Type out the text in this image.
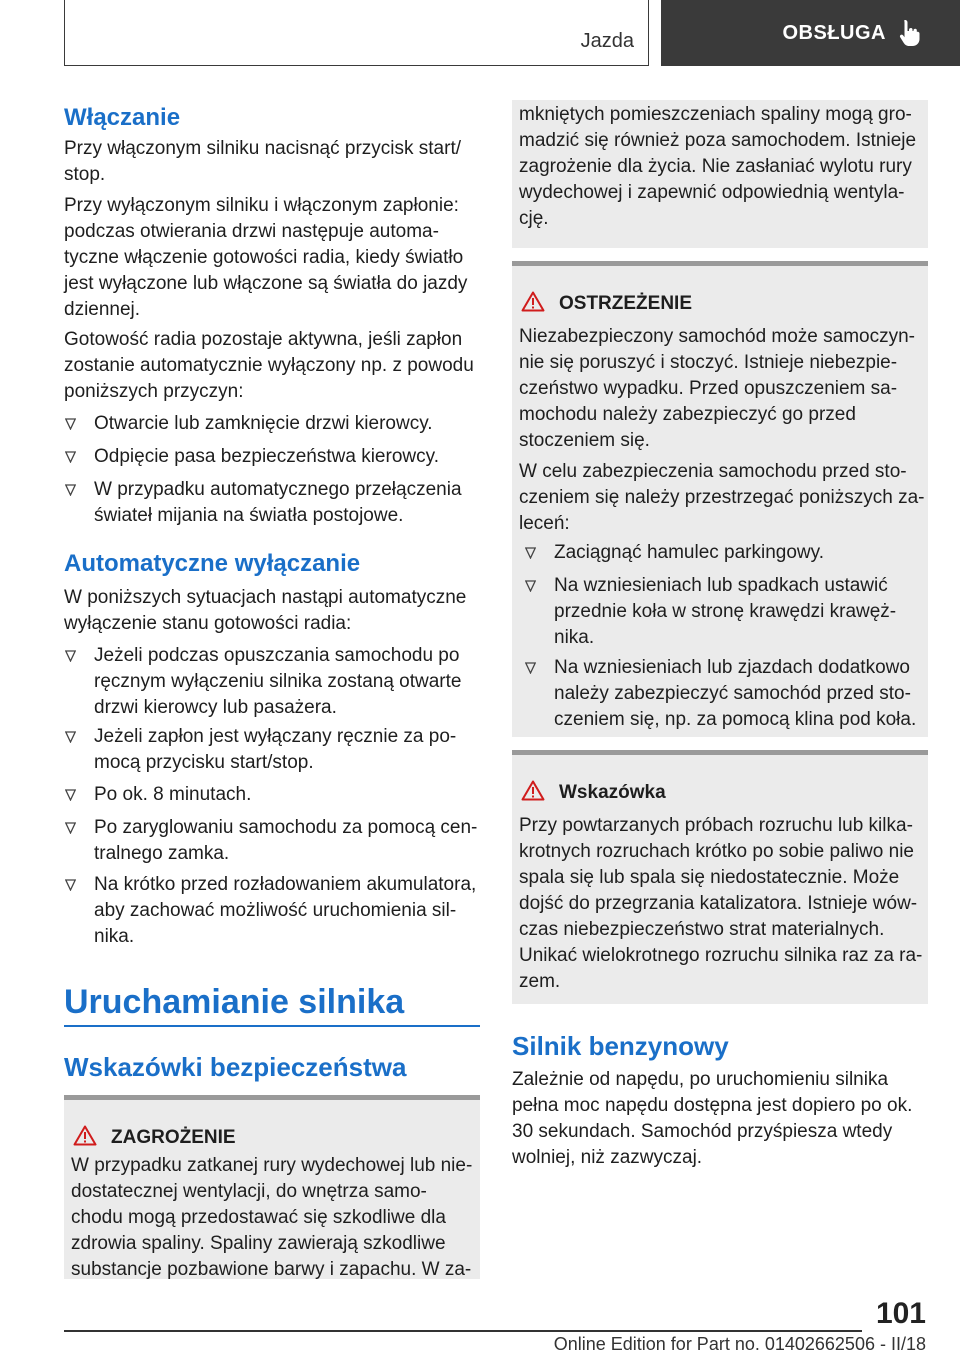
Jazda	OBSŁUGA
Włączanie
Przy włączonym silniku nacisnąć przycisk start/
stop.
Przy wyłączonym silniku i włączonym zapłonie:
podczas otwierania drzwi następuje automa-
tyczne włączenie gotowości radia, kiedy światło
jest wyłączone lub włączone są światła do jazdy
dziennej.
Gotowość radia pozostaje aktywna, jeśli zapłon
zostanie automatycznie wyłączony np. z powodu
poniższych przyczyn:
Otwarcie lub zamknięcie drzwi kierowcy.
Odpięcie pasa bezpieczeństwa kierowcy.
W przypadku automatycznego przełączenia
świateł mijania na światła postojowe.
Automatyczne wyłączanie
W poniższych sytuacjach nastąpi automatyczne
wyłączenie stanu gotowości radia:
Jeżeli podczas opuszczania samochodu po
ręcznym wyłączeniu silnika zostaną otwarte
drzwi kierowcy lub pasażera.
Jeżeli zapłon jest wyłączany ręcznie za po-
mocą przycisku start/stop.
Po ok. 8 minutach.
Po zaryglowaniu samochodu za pomocą cen-
tralnego zamka.
Na krótko przed rozładowaniem akumulatora,
aby zachować możliwość uruchomienia sil-
nika.
Uruchamianie silnika
Wskazówki bezpieczeństwa
ZAGROŻENIE
W przypadku zatkanej rury wydechowej lub nie-
dostatecznej wentylacji, do wnętrza samo-
chodu mogą przedostawać się szkodliwe dla
zdrowia spaliny. Spaliny zawierają szkodliwe
substancje pozbawione barwy i zapachu. W za-
mkniętych pomieszczeniach spaliny mogą gro-
madzić się również poza samochodem. Istnieje
zagrożenie dla życia. Nie zasłaniać wylotu rury
wydechowej i zapewnić odpowiednią wentyla-
cję.
OSTRZEŻENIE
Niezabezpieczony samochód może samoczyn-
nie się poruszyć i stoczyć. Istnieje niebezpie-
czeństwo wypadku. Przed opuszczeniem sa-
mochodu należy zabezpieczyć go przed
stoczeniem się.
W celu zabezpieczenia samochodu przed sto-
czeniem się należy przestrzegać poniższych za-
leceń:
Zaciągnąć hamulec parkingowy.
Na wzniesieniach lub spadkach ustawić
przednie koła w stronę krawędzi krawęż-
nika.
Na wzniesieniach lub zjazdach dodatkowo
należy zabezpieczyć samochód przed sto-
czeniem się, np. za pomocą klina pod koła.
Wskazówka
Przy powtarzanych próbach rozruchu lub kilka-
krotnych rozruchach krótko po sobie paliwo nie
spala się lub spala się niedostatecznie. Może
dojść do przegrzania katalizatora. Istnieje wów-
czas niebezpieczeństwo strat materialnych.
Unikać wielokrotnego rozruchu silnika raz za ra-
zem.
Silnik benzynowy
Zależnie od napędu, po uruchomieniu silnika
pełna moc napędu dostępna jest dopiero po ok.
30 sekundach. Samochód przyśpiesza wtedy
wolniej, niż zazwyczaj.
101
Online Edition for Part no. 01402662506 - II/18
